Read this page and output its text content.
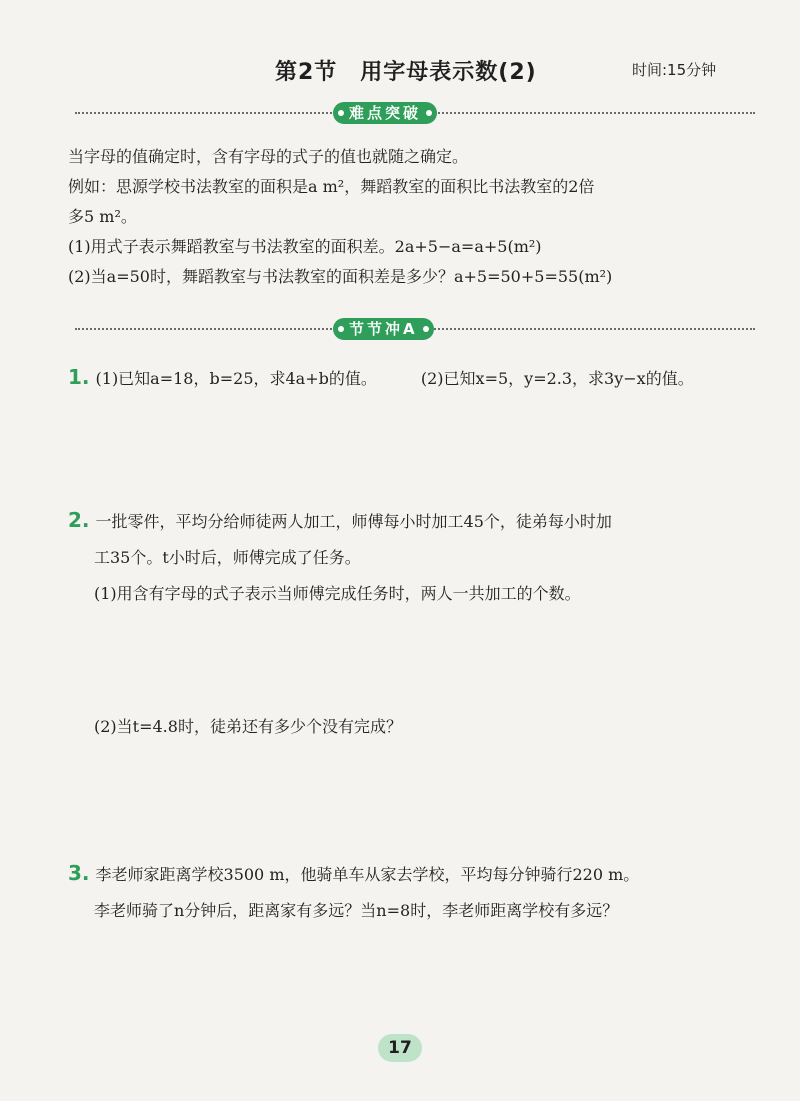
第2节　用字母表示数(2)	时间:15分钟
难点突破

当字母的值确定时，含有字母的式子的值也就随之确定。

例如：思源学校书法教室的面积是a m²，舞蹈教室的面积比书法教室的2倍

多5 m²。

(1)用式子表示舞蹈教室与书法教室的面积差。2a+5−a=a+5(m²)

(2)当a=50时，舞蹈教室与书法教室的面积差是多少？a+5=50+5=55(m²)

节节冲A

1. (1)已知a=18，b=25，求4a+b的值。	(2)已知x=5，y=2.3，求3y−x的值。

2. 一批零件，平均分给师徒两人加工，师傅每小时加工45个，徒弟每小时加

工35个。t小时后，师傅完成了任务。

(1)用含有字母的式子表示当师傅完成任务时，两人一共加工的个数。

(2)当t=4.8时，徒弟还有多少个没有完成？

3. 李老师家距离学校3500 m，他骑单车从家去学校，平均每分钟骑行220 m。

李老师骑了n分钟后，距离家有多远？当n=8时，李老师距离学校有多远？

17
